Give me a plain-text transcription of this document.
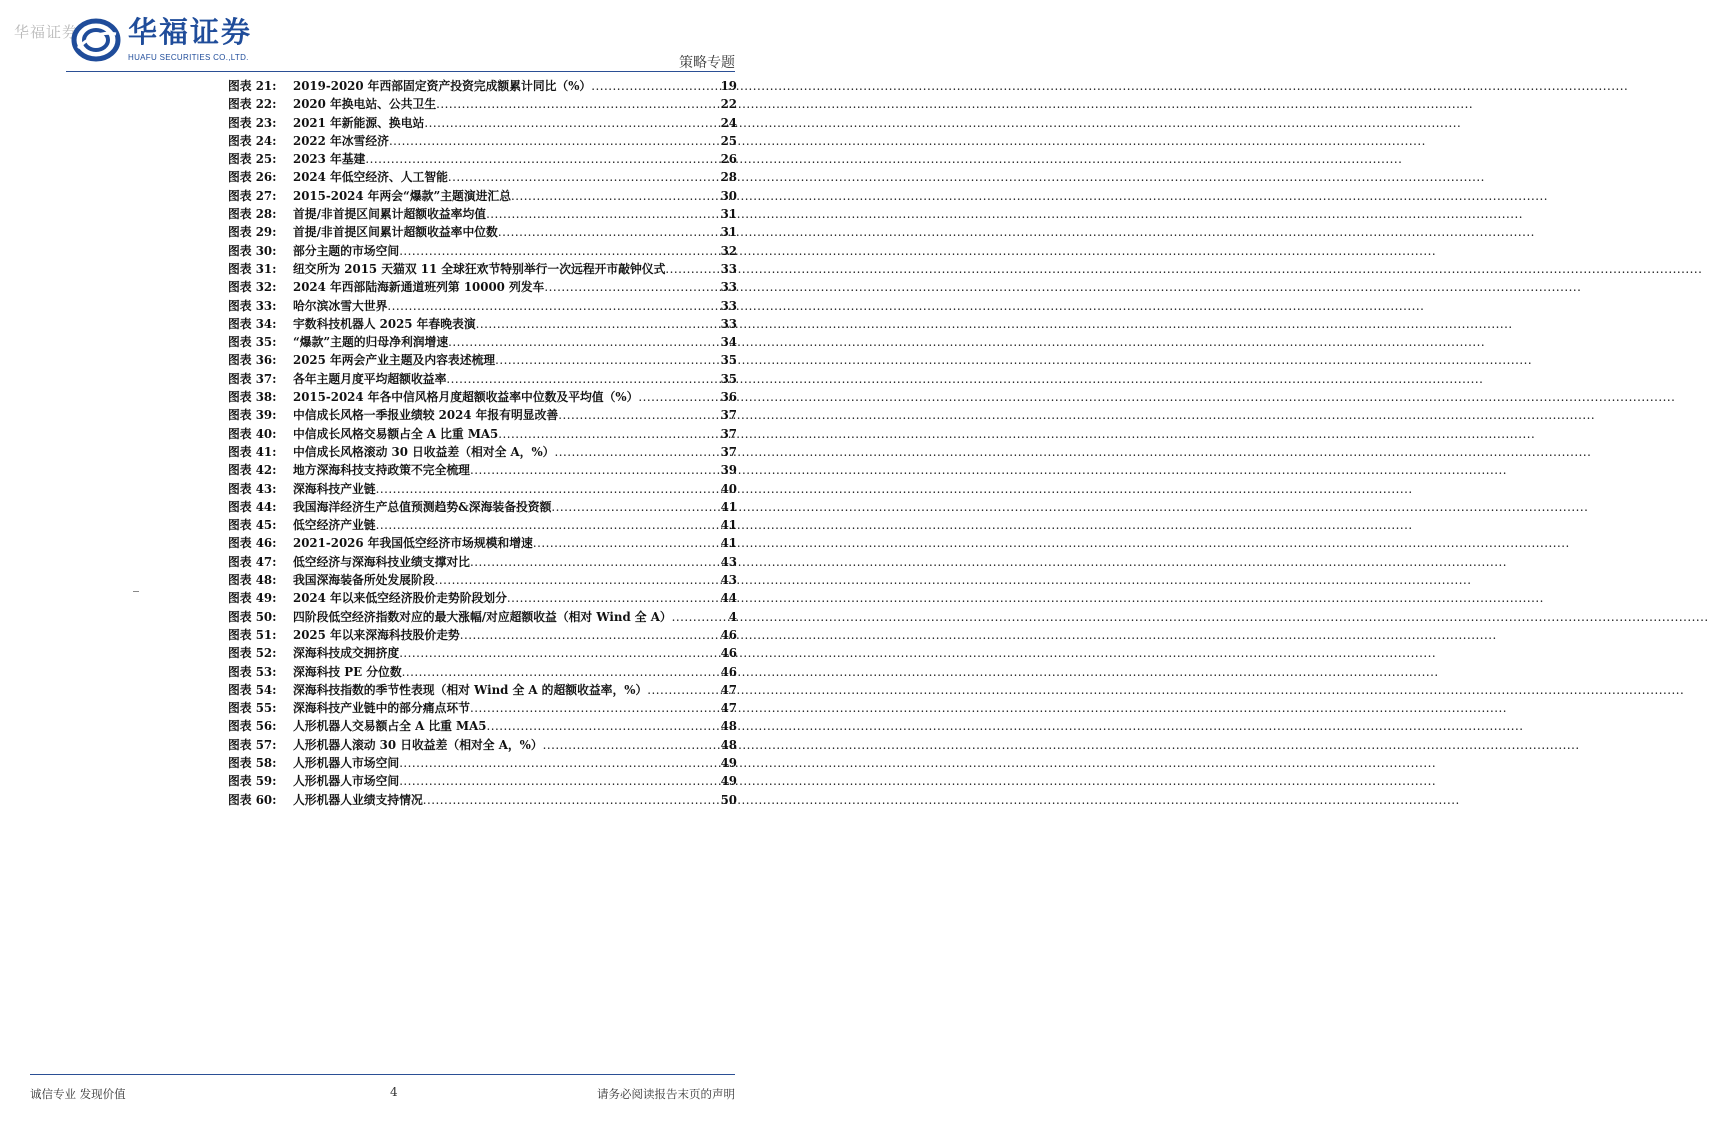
华福证券 华福证券
HUAFU SECURITIES CO.,LTD.	策略专题
图表 21:	2019-2020 年西部固定资产投资完成额累计同比（%） .....	19
图表 22:	2020 年换电站、公共卫生 .....	22
图表 23:	2021 年新能源、换电站 .....	24
图表 24:	2022 年冰雪经济 .....	25
图表 25:	2023 年基建 .....	26
图表 26:	2024 年低空经济、人工智能 .....	28
图表 27:	2015-2024 年两会“爆款”主题演进汇总 .....	30
图表 28:	首提/非首提区间累计超额收益率均值 .....	31
图表 29:	首提/非首提区间累计超额收益率中位数 .....	31
图表 30:	部分主题的市场空间 .....	32
图表 31:	纽交所为 2015 天猫双 11 全球狂欢节特别举行一次远程开市敲钟仪式 .....	33
图表 32:	2024 年西部陆海新通道班列第 10000 列发车 .....	33
图表 33:	哈尔滨冰雪大世界 .....	33
图表 34:	宇数科技机器人 2025 年春晚表演 .....	33
图表 35:	“爆款”主题的归母净利润增速 .....	34
图表 36:	2025 年两会产业主题及内容表述梳理 .....	35
图表 37:	各年主题月度平均超额收益率 .....	35
图表 38:	2015-2024 年各中信风格月度超额收益率中位数及平均值（%） .....	36
图表 39:	中信成长风格一季报业绩较 2024 年报有明显改善 .....	37
图表 40:	中信成长风格交易额占全 A 比重 MA5 .....	37
图表 41:	中信成长风格滚动 30 日收益差（相对全 A，%） .....	37
图表 42:	地方深海科技支持政策不完全梳理 .....	39
图表 43:	深海科技产业链 .....	40
图表 44:	我国海洋经济生产总值预测趋势&深海装备投资额 .....	41
图表 45:	低空经济产业链 .....	41
图表 46:	2021-2026 年我国低空经济市场规模和增速 .....	41
图表 47:	低空经济与深海科技业绩支撑对比 .....	43
图表 48:	我国深海装备所处发展阶段 .....	43
图表 49:	2024 年以来低空经济股价走势阶段划分 .....	44
图表 50:	四阶段低空经济指数对应的最大涨幅/对应超额收益（相对 Wind 全 A） .....	4
图表 51:	2025 年以来深海科技股价走势 .....	46
图表 52:	深海科技成交拥挤度 .....	46
图表 53:	深海科技 PE 分位数 .....	46
图表 54:	深海科技指数的季节性表现（相对 Wind 全 A 的超额收益率，%） .....	47
图表 55:	深海科技产业链中的部分痛点环节 .....	47
图表 56:	人形机器人交易额占全 A 比重 MA5 .....	48
图表 57:	人形机器人滚动 30 日收益差（相对全 A，%） .....	48
图表 58:	人形机器人市场空间 .....	49
图表 59:	人形机器人市场空间 .....	49
图表 60:	人形机器人业绩支持情况 .....	50
诚信专业 发现价值	4	请务必阅读报告末页的声明
